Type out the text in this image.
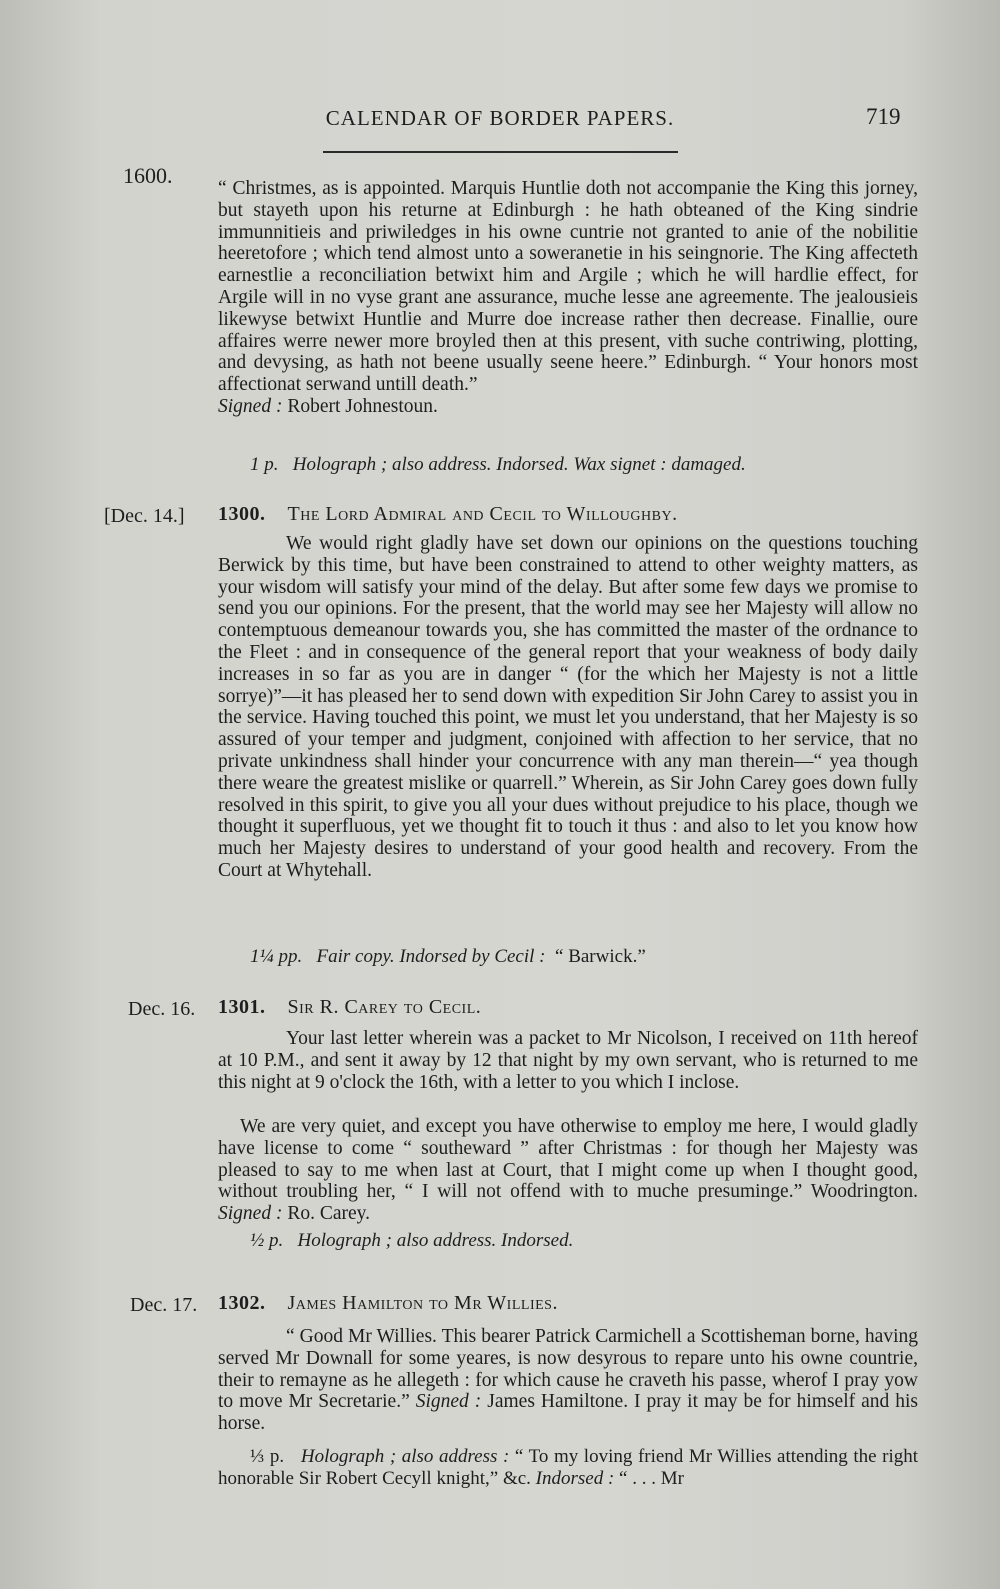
CALENDAR OF BORDER PAPERS.	719
1600.

“ Christmes, as is appointed. Marquis Huntlie doth not accompanie the King this jorney, but stayeth upon his returne at Edinburgh : he hath obteaned of the King sindrie immunnitieis and priwiledges in his owne cuntrie not granted to anie of the nobilitie heeretofore ; which tend almost unto a soweranetie in his seingnorie. The King affecteth earnestlie a reconciliation betwixt him and Argile ; which he will hardlie effect, for Argile will in no vyse grant ane assurance, muche lesse ane agreemente. The jealousieis likewyse betwixt Huntlie and Murre doe increase rather then decrease. Finallie, oure affaires werre newer more broyled then at this present, vith suche contriwing, plotting, and devysing, as hath not beene usually seene heere.” Edinburgh. “ Your honors most affectionat serwand untill death.”
Signed : Robert Johnestoun.

1 p. Holograph ; also address. Indorsed. Wax signet : damaged.
[Dec. 14.] 1300. The Lord Admiral and Cecil to Willoughby.

We would right gladly have set down our opinions on the questions touching Berwick by this time, but have been constrained to attend to other weighty matters, as your wisdom will satisfy your mind of the delay. But after some few days we promise to send you our opinions. For the present, that the world may see her Majesty will allow no contemptuous demeanour towards you, she has committed the master of the ordnance to the Fleet : and in consequence of the general report that your weakness of body daily increases in so far as you are in danger “ (for the which her Majesty is not a little sorrye)”—it has pleased her to send down with expedition Sir John Carey to assist you in the service. Having touched this point, we must let you understand, that her Majesty is so assured of your temper and judgment, conjoined with affection to her service, that no private unkindness shall hinder your concurrence with any man therein—“ yea though there weare the greatest mislike or quarrell.” Wherein, as Sir John Carey goes down fully resolved in this spirit, to give you all your dues without prejudice to his place, though we thought it superfluous, yet we thought fit to touch it thus : and also to let you know how much her Majesty desires to understand of your good health and recovery. From the Court at Whytehall.

1¼ pp. Fair copy. Indorsed by Cecil : “ Barwick.”
Dec. 16. 1301. Sir R. Carey to Cecil.

Your last letter wherein was a packet to Mr Nicolson, I received on 11th hereof at 10 P.M., and sent it away by 12 that night by my own servant, who is returned to me this night at 9 o'clock the 16th, with a letter to you which I inclose.

We are very quiet, and except you have otherwise to employ me here, I would gladly have license to come “ southeward ” after Christmas : for though her Majesty was pleased to say to me when last at Court, that I might come up when I thought good, without troubling her, “ I will not offend with to muche presuminge.” Woodrington. Signed : Ro. Carey.

½ p. Holograph ; also address. Indorsed.
Dec. 17. 1302. James Hamilton to Mr Willies.

“ Good Mr Willies. This bearer Patrick Carmichell a Scottisheman borne, having served Mr Downall for some yeares, is now desyrous to repare unto his owne countrie, their to remayne as he allegeth : for which cause he craveth his passe, wherof I pray yow to move Mr Secretarie.” Signed : James Hamiltone. I pray it may be for himself and his horse.

⅓ p. Holograph ; also address : “ To my loving friend Mr Willies attending the right honorable Sir Robert Cecyll knight,” &c. Indorsed : “ . . . Mr
